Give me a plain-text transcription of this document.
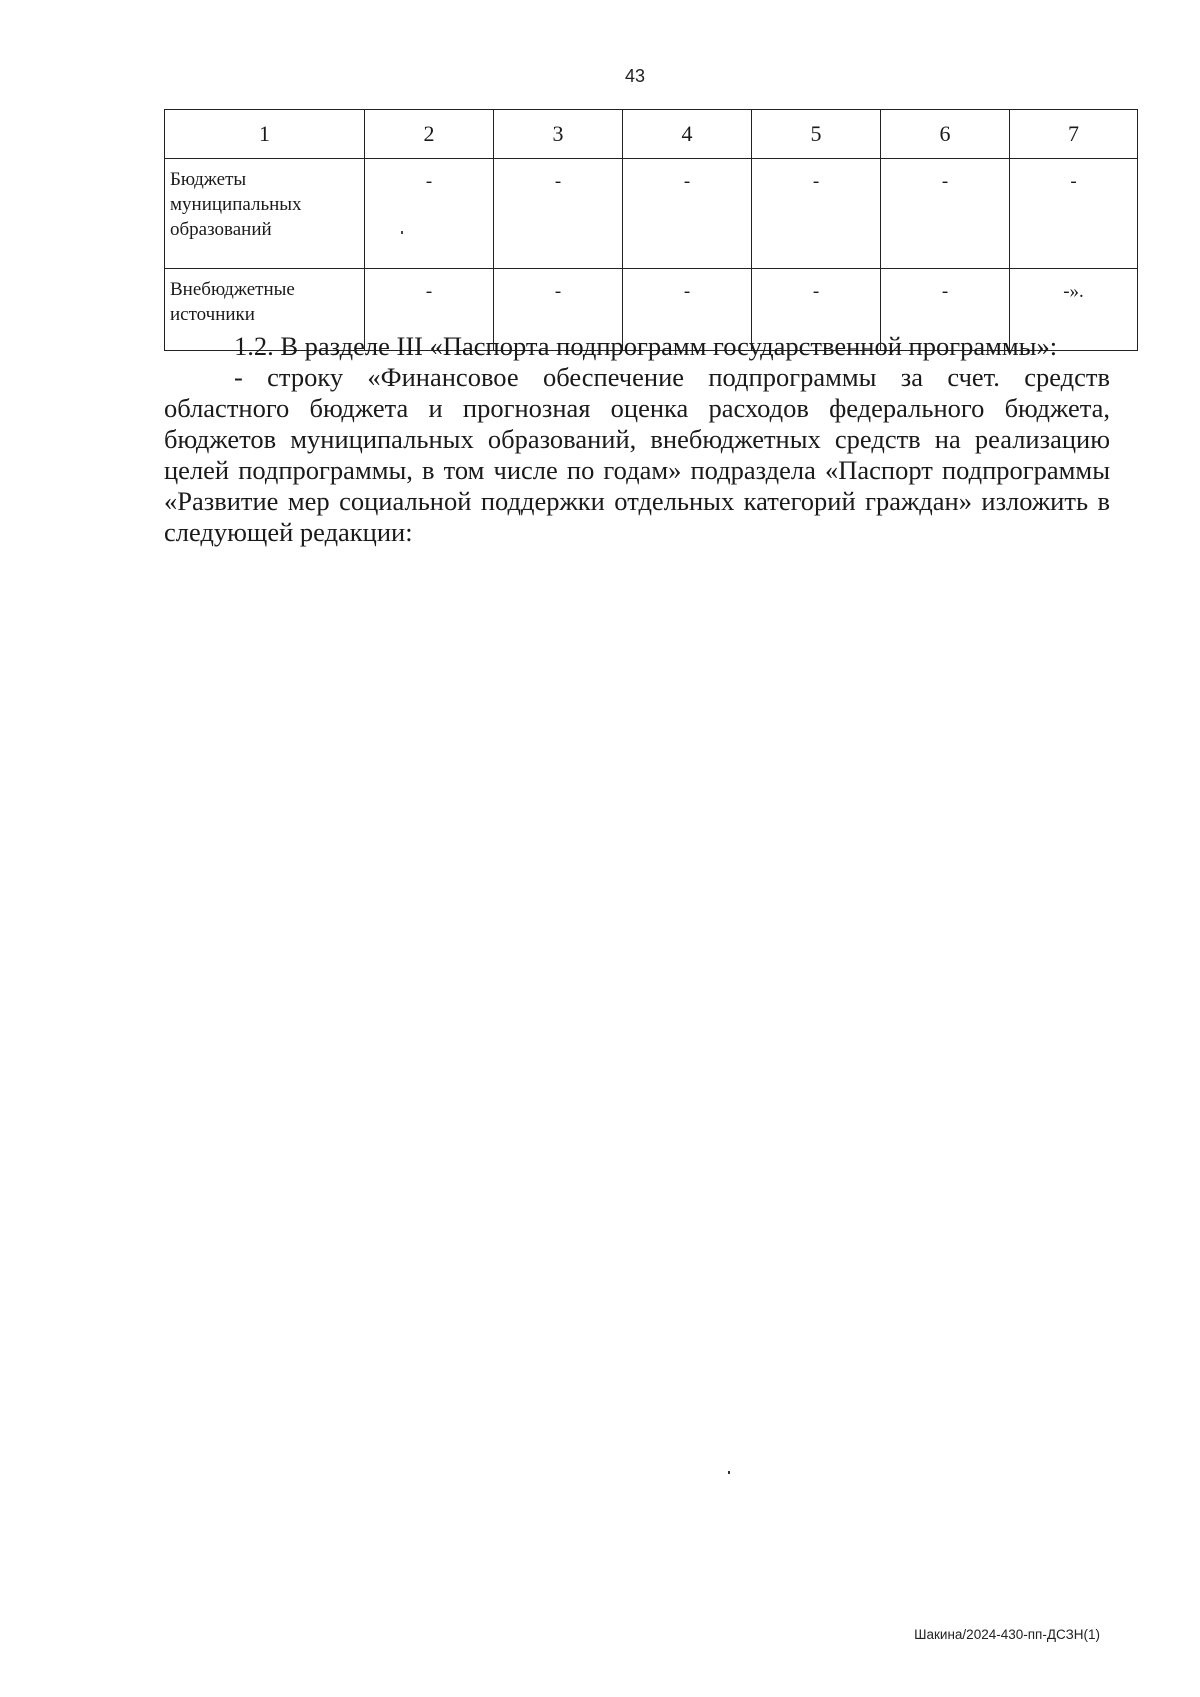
43
1	2	3	4	5	6	7
Бюджеты муниципальных образований	-	-	-	-	-	-
Внебюджетные источники	-	-	-	-	-	-».

1.2. В разделе III «Паспорта подпрограмм государственной программы»:

- строку «Финансовое обеспечение подпрограммы за счет. средств областного бюджета и прогнозная оценка расходов федерального бюджета, бюджетов муниципальных образований, внебюджетных средств на реализацию целей подпрограммы, в том числе по годам» подраздела «Паспорт подпрограммы «Развитие мер социальной поддержки отдельных категорий граждан» изложить в следующей редакции:

Шакина/2024-430-пп-ДСЗН(1)
